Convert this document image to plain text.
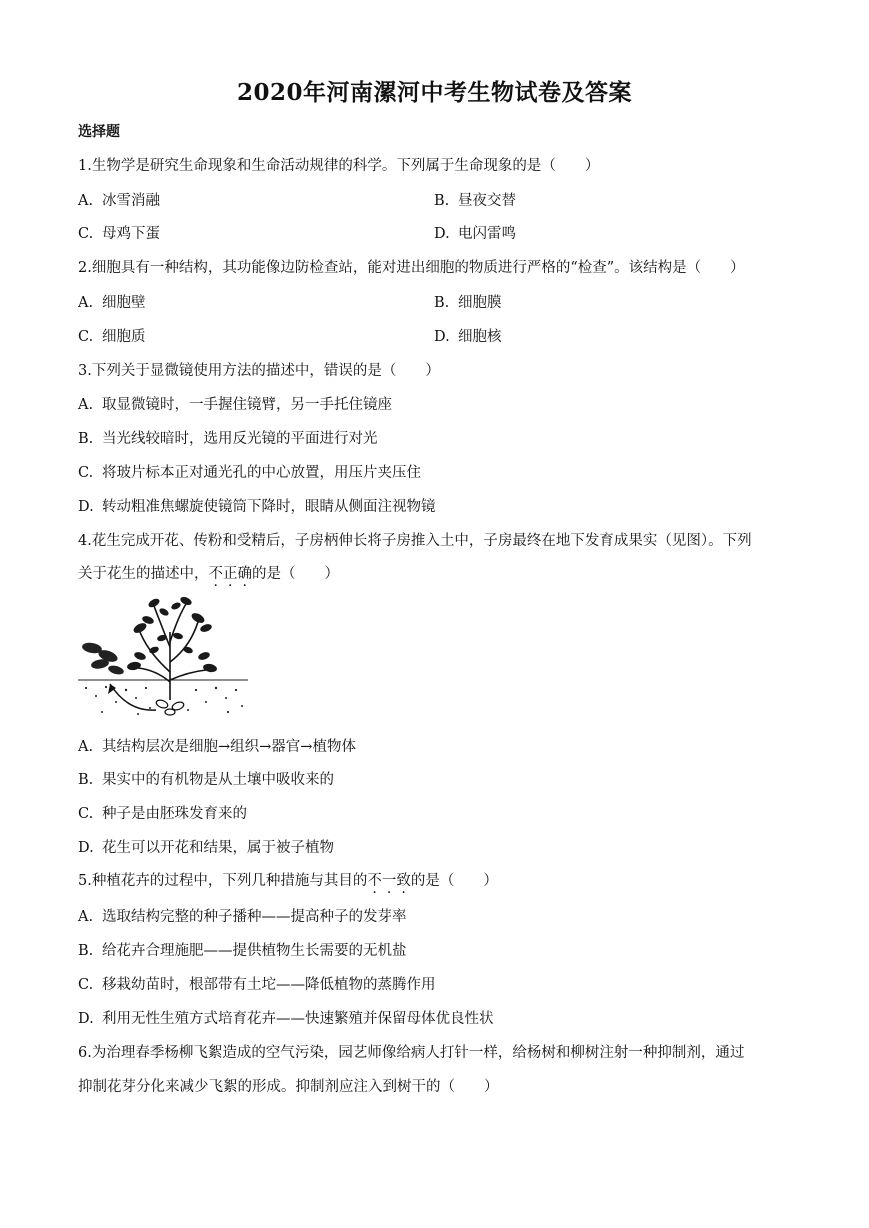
2020年河南漯河中考生物试卷及答案
选择题
1.生物学是研究生命现象和生命活动规律的科学。下列属于生命现象的是（　　）
A. 冰雪消融	B. 昼夜交替
C. 母鸡下蛋	D. 电闪雷鸣
2.细胞具有一种结构，其功能像边防检查站，能对进出细胞的物质进行严格的“检查”。该结构是（　　）
A. 细胞壁	B. 细胞膜
C. 细胞质	D. 细胞核
3.下列关于显微镜使用方法的描述中，错误的是（　　）
A. 取显微镜时，一手握住镜臂，另一手托住镜座
B. 当光线较暗时，选用反光镜的平面进行对光
C. 将玻片标本正对通光孔的中心放置，用压片夹压住
D. 转动粗准焦螺旋使镜筒下降时，眼睛从侧面注视物镜
4.花生完成开花、传粉和受精后，子房柄伸长将子房推入土中，子房最终在地下发育成果实（见图）。下列
关于花生的描述中，不正确的是（　　）
A. 其结构层次是细胞→组织→器官→植物体
B. 果实中的有机物是从土壤中吸收来的
C. 种子是由胚珠发育来的
D. 花生可以开花和结果，属于被子植物
5.种植花卉的过程中，下列几种措施与其目的不一致的是（　　）
A. 选取结构完整的种子播种——提高种子的发芽率
B. 给花卉合理施肥——提供植物生长需要的无机盐
C. 移栽幼苗时，根部带有土坨——降低植物的蒸腾作用
D. 利用无性生殖方式培育花卉——快速繁殖并保留母体优良性状
6.为治理春季杨柳飞絮造成的空气污染，园艺师像给病人打针一样，给杨树和柳树注射一种抑制剂，通过
抑制花芽分化来减少飞絮的形成。抑制剂应注入到树干的（　　）
